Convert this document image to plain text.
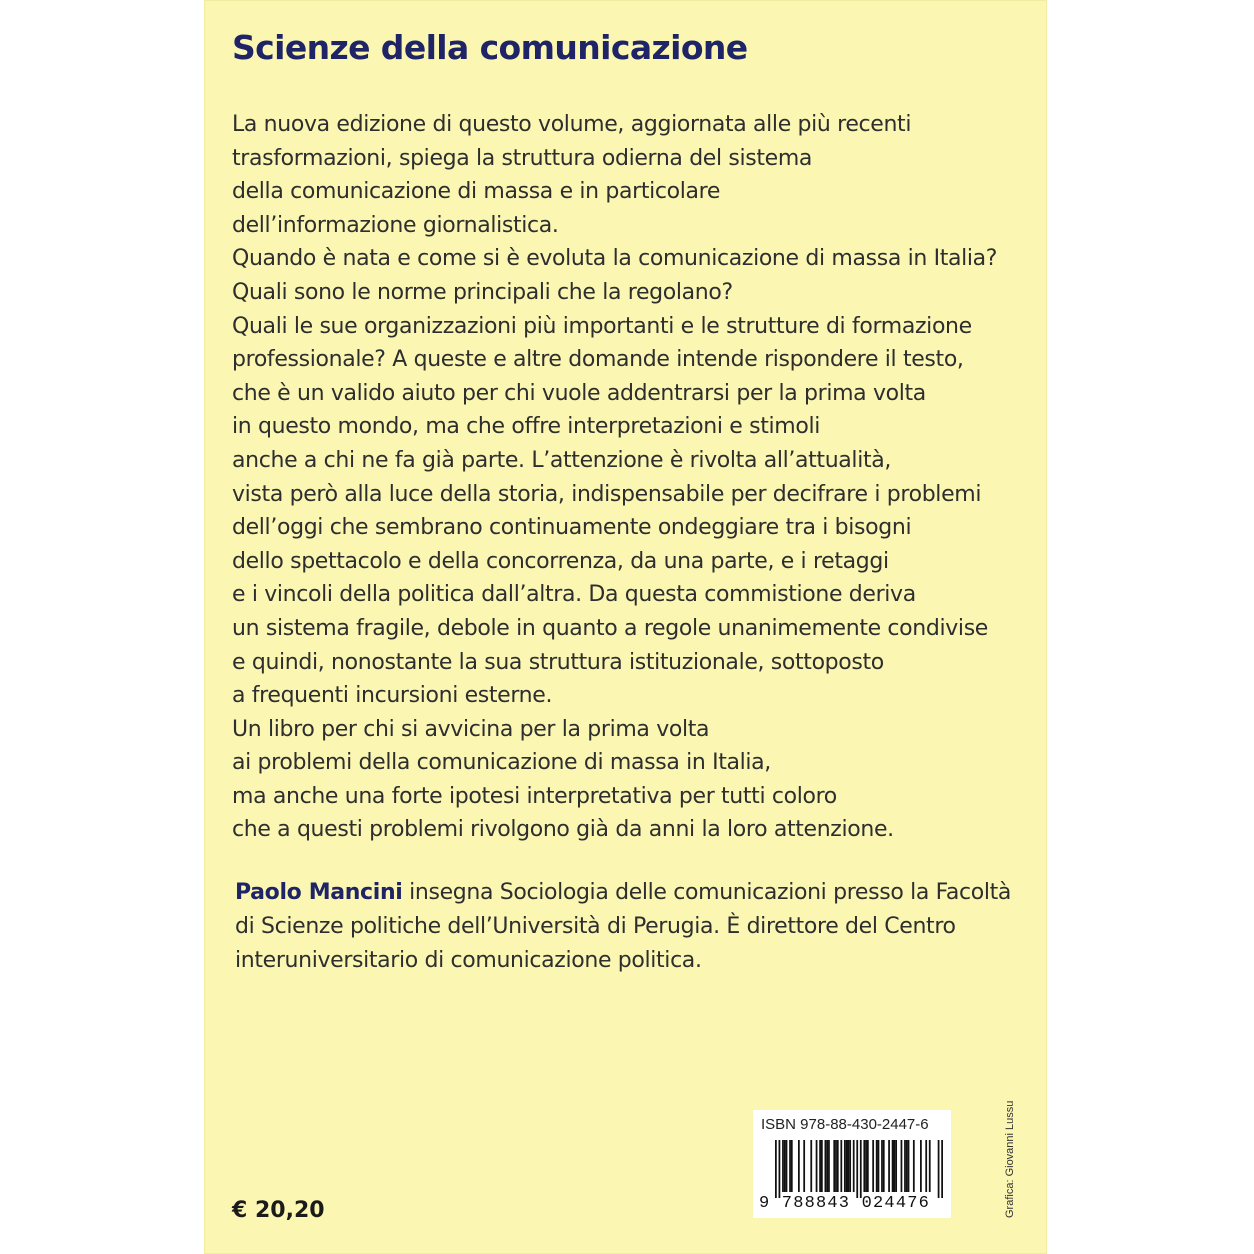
Scienze della comunicazione
La nuova edizione di questo volume, aggiornata alle più recenti
trasformazioni, spiega la struttura odierna del sistema
della comunicazione di massa e in particolare
dell’informazione giornalistica.
Quando è nata e come si è evoluta la comunicazione di massa in Italia?
Quali sono le norme principali che la regolano?
Quali le sue organizzazioni più importanti e le strutture di formazione
professionale? A queste e altre domande intende rispondere il testo,
che è un valido aiuto per chi vuole addentrarsi per la prima volta
in questo mondo, ma che offre interpretazioni e stimoli
anche a chi ne fa già parte. L’attenzione è rivolta all’attualità,
vista però alla luce della storia, indispensabile per decifrare i problemi
dell’oggi che sembrano continuamente ondeggiare tra i bisogni
dello spettacolo e della concorrenza, da una parte, e i retaggi
e i vincoli della politica dall’altra. Da questa commistione deriva
un sistema fragile, debole in quanto a regole unanimemente condivise
e quindi, nonostante la sua struttura istituzionale, sottoposto
a frequenti incursioni esterne.
Un libro per chi si avvicina per la prima volta
ai problemi della comunicazione di massa in Italia,
ma anche una forte ipotesi interpretativa per tutti coloro
che a questi problemi rivolgono già da anni la loro attenzione.
Paolo Mancini insegna Sociologia delle comunicazioni presso la Facoltà
di Scienze politiche dell’Università di Perugia. È direttore del Centro
interuniversitario di comunicazione politica.
€ 20,20
ISBN 978-88-430-2447-6
9 788843 024476	Grafica: Giovanni Lussu
